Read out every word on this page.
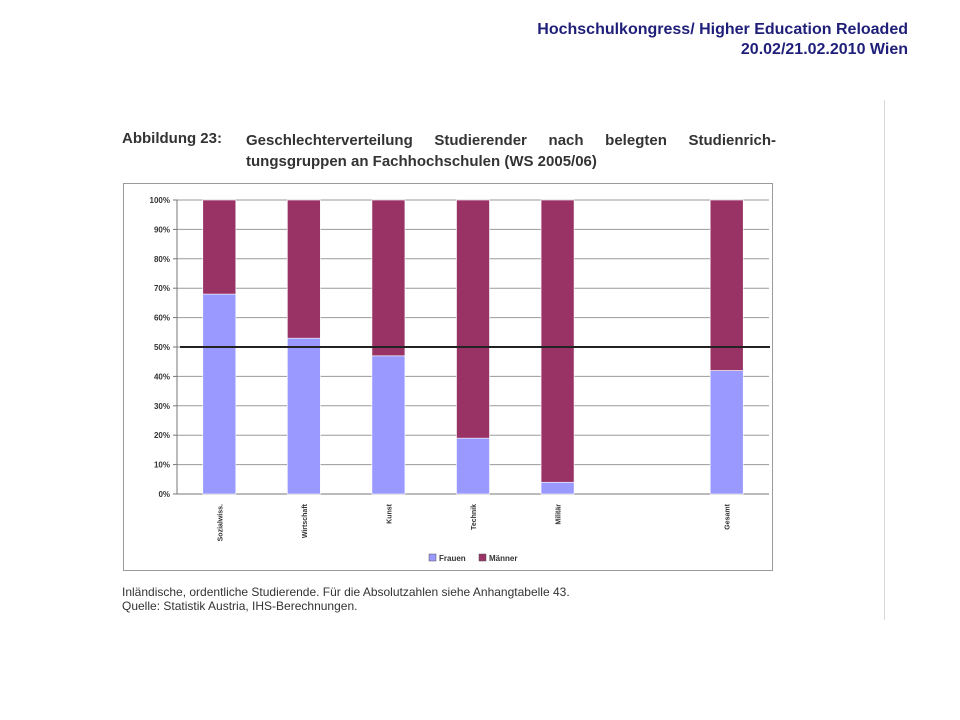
Hochschulkongress/ Higher Education Reloaded
20.02/21.02.2010 Wien
Abbildung 23: Geschlechterverteilung Studierender nach belegten Studienrich-tungsgruppen an Fachhochschulen (WS 2005/06)
0%
10%
20%
30%
40%
50%
60%
70%
80%
90%
100%
Sozialwiss.	Wirtschaft	Kunst	Technik	Militär	Gesamt
Frauen	Männer
Inländische, ordentliche Studierende. Für die Absolutzahlen siehe Anhangtabelle 43.
Quelle: Statistik Austria, IHS-Berechnungen.
